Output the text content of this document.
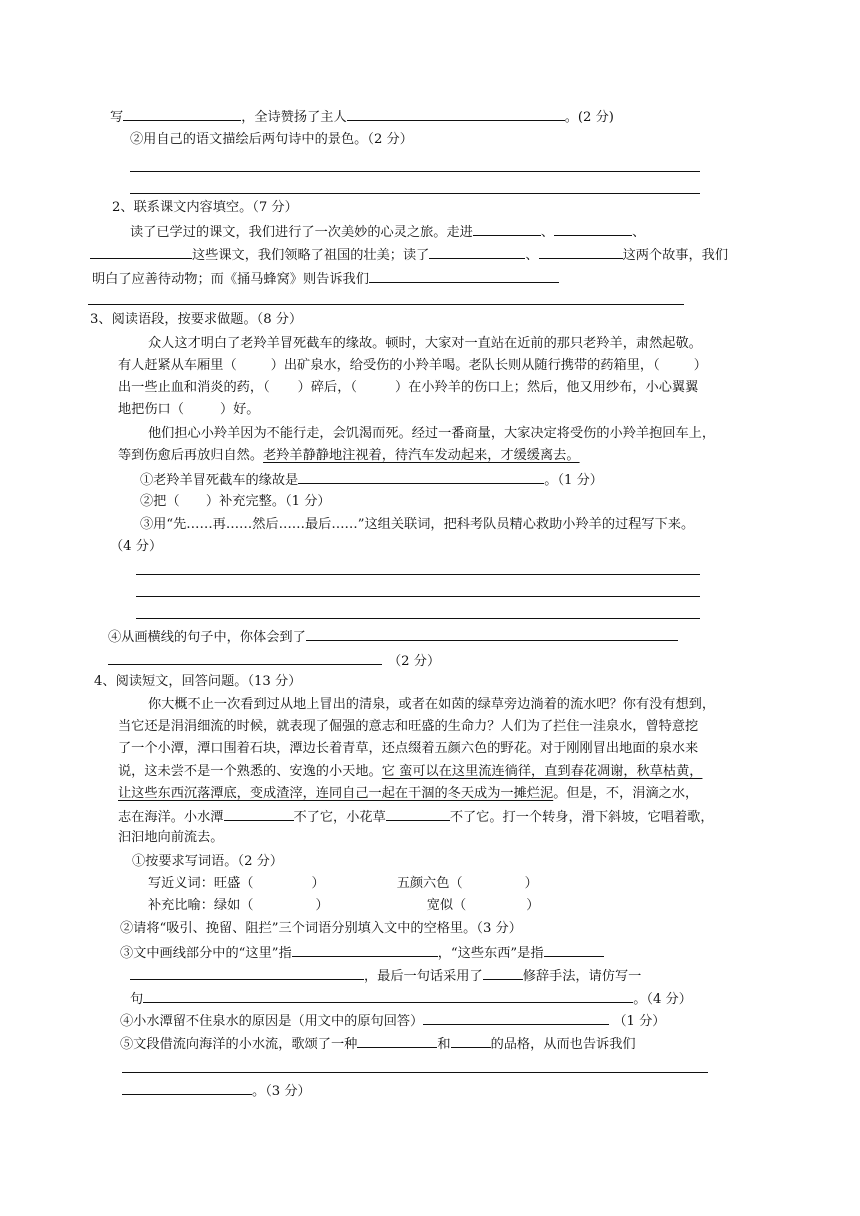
写	，全诗赞扬了主人	。(2 分)
②用自己的语文描绘后两句诗中的景色。（2 分）
2、联系课文内容填空。（7 分）
读了已学过的课文，我们进行了一次美妙的心灵之旅。走进	、	、
这些课文，我们领略了祖国的壮美；读了	、	这两个故事，我们
明白了应善待动物；而《捅马蜂窝》则告诉我们
3、阅读语段，按要求做题。（8 分）
众人这才明白了老羚羊冒死截车的缘故。顿时，大家对一直站在近前的那只老羚羊，肃然起敬。
有人赶紧从车厢里（	）出矿泉水，给受伤的小羚羊喝。老队长则从随行携带的药箱里，（	）
出一些止血和消炎的药，（ ）碎后，（	）在小羚羊的伤口上；然后，他又用纱布，小心翼翼
地把伤口（	）好。
他们担心小羚羊因为不能行走，会饥渴而死。经过一番商量，大家决定将受伤的小羚羊抱回车上，
等到伤愈后再放归自然。老羚羊静静地注视着，待汽车发动起来，才缓缓离去。
①老羚羊冒死截车的缘故是	。（1 分）
②把（　　）补充完整。（1 分）
③用“先……再……然后……最后……”这组关联词，把科考队员精心救助小羚羊的过程写下来。
（4 分）
④从画横线的句子中，你体会到了
（2 分）
4、阅读短文，回答问题。（13 分）
你大概不止一次看到过从地上冒出的清泉，或者在如茵的绿草旁边淌着的流水吧？你有没有想到，
当它还是涓涓细流的时候，就表现了倔强的意志和旺盛的生命力？人们为了拦住一洼泉水，曾特意挖
了一个小潭，潭口围着石块，潭边长着青草，还点缀着五颜六色的野花。对于刚刚冒出地面的泉水来
说，这未尝不是一个熟悉的、安逸的小天地。它 蛮可以在这里流连徜徉，直到春花凋谢，秋草枯黄，
让这些东西沉落潭底，变成渣滓，连同自己一起在干涸的冬天成为一摊烂泥。但是，不，涓滴之水，
志在海洋。小水潭	不了它，小花草	不了它。打一个转身，滑下斜坡，它唱着歌，
汩汩地向前流去。
①按要求写词语。（2 分）
写近义词：旺盛（	）	五颜六色（	）
补充比喻：绿如（	）	宽似（	）
②请将“吸引、挽留、阻拦”三个词语分别填入文中的空格里。（3 分）
③文中画线部分中的“这里”指	，“这些东西”是指
，最后一句话采用了	修辞手法，请仿写一
句	。（4 分）
④小水潭留不住泉水的原因是（用文中的原句回答）	（1 分）
⑤文段借流向海洋的小水流，歌颂了一种	和	的品格，从而也告诉我们
。（3 分）
